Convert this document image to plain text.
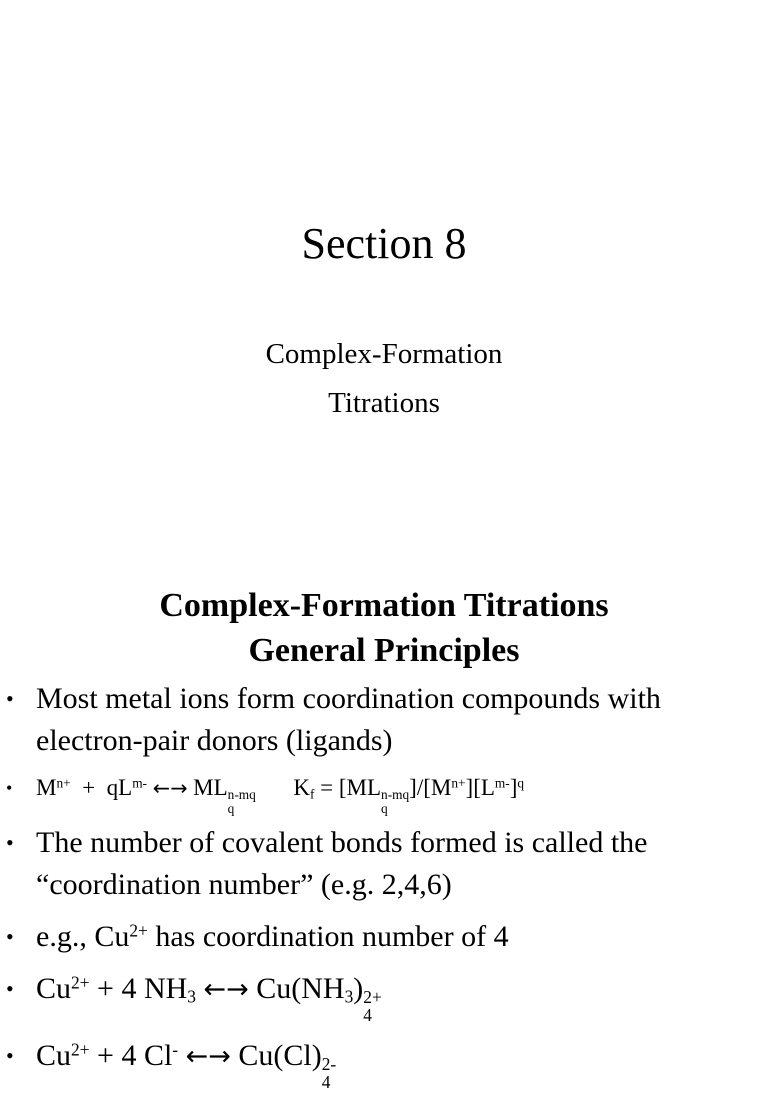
Section 8
Complex-Formation
Titrations
Complex-Formation Titrations
General Principles
• Most metal ions form coordination compounds with electron-pair donors (ligands)
• $M^{n+} + qL^{m-}$ ←→ ML n-mq
q
$K_f = [ML$ n-mq
q
]$/[M^{n+}][L^{m-}]^q$
• The number of covalent bonds formed is called the “coordination number” (e.g. 2,4,6)
• e.g., $Cu^{2+}$ has coordination number of 4
• $Cu^{2+} + 4$ $NH_3$ ←→ $Cu(NH_3)$ 2+
4
• $Cu^{2+} + 4$ Cl- ←→ Cu(Cl) 2-
4
